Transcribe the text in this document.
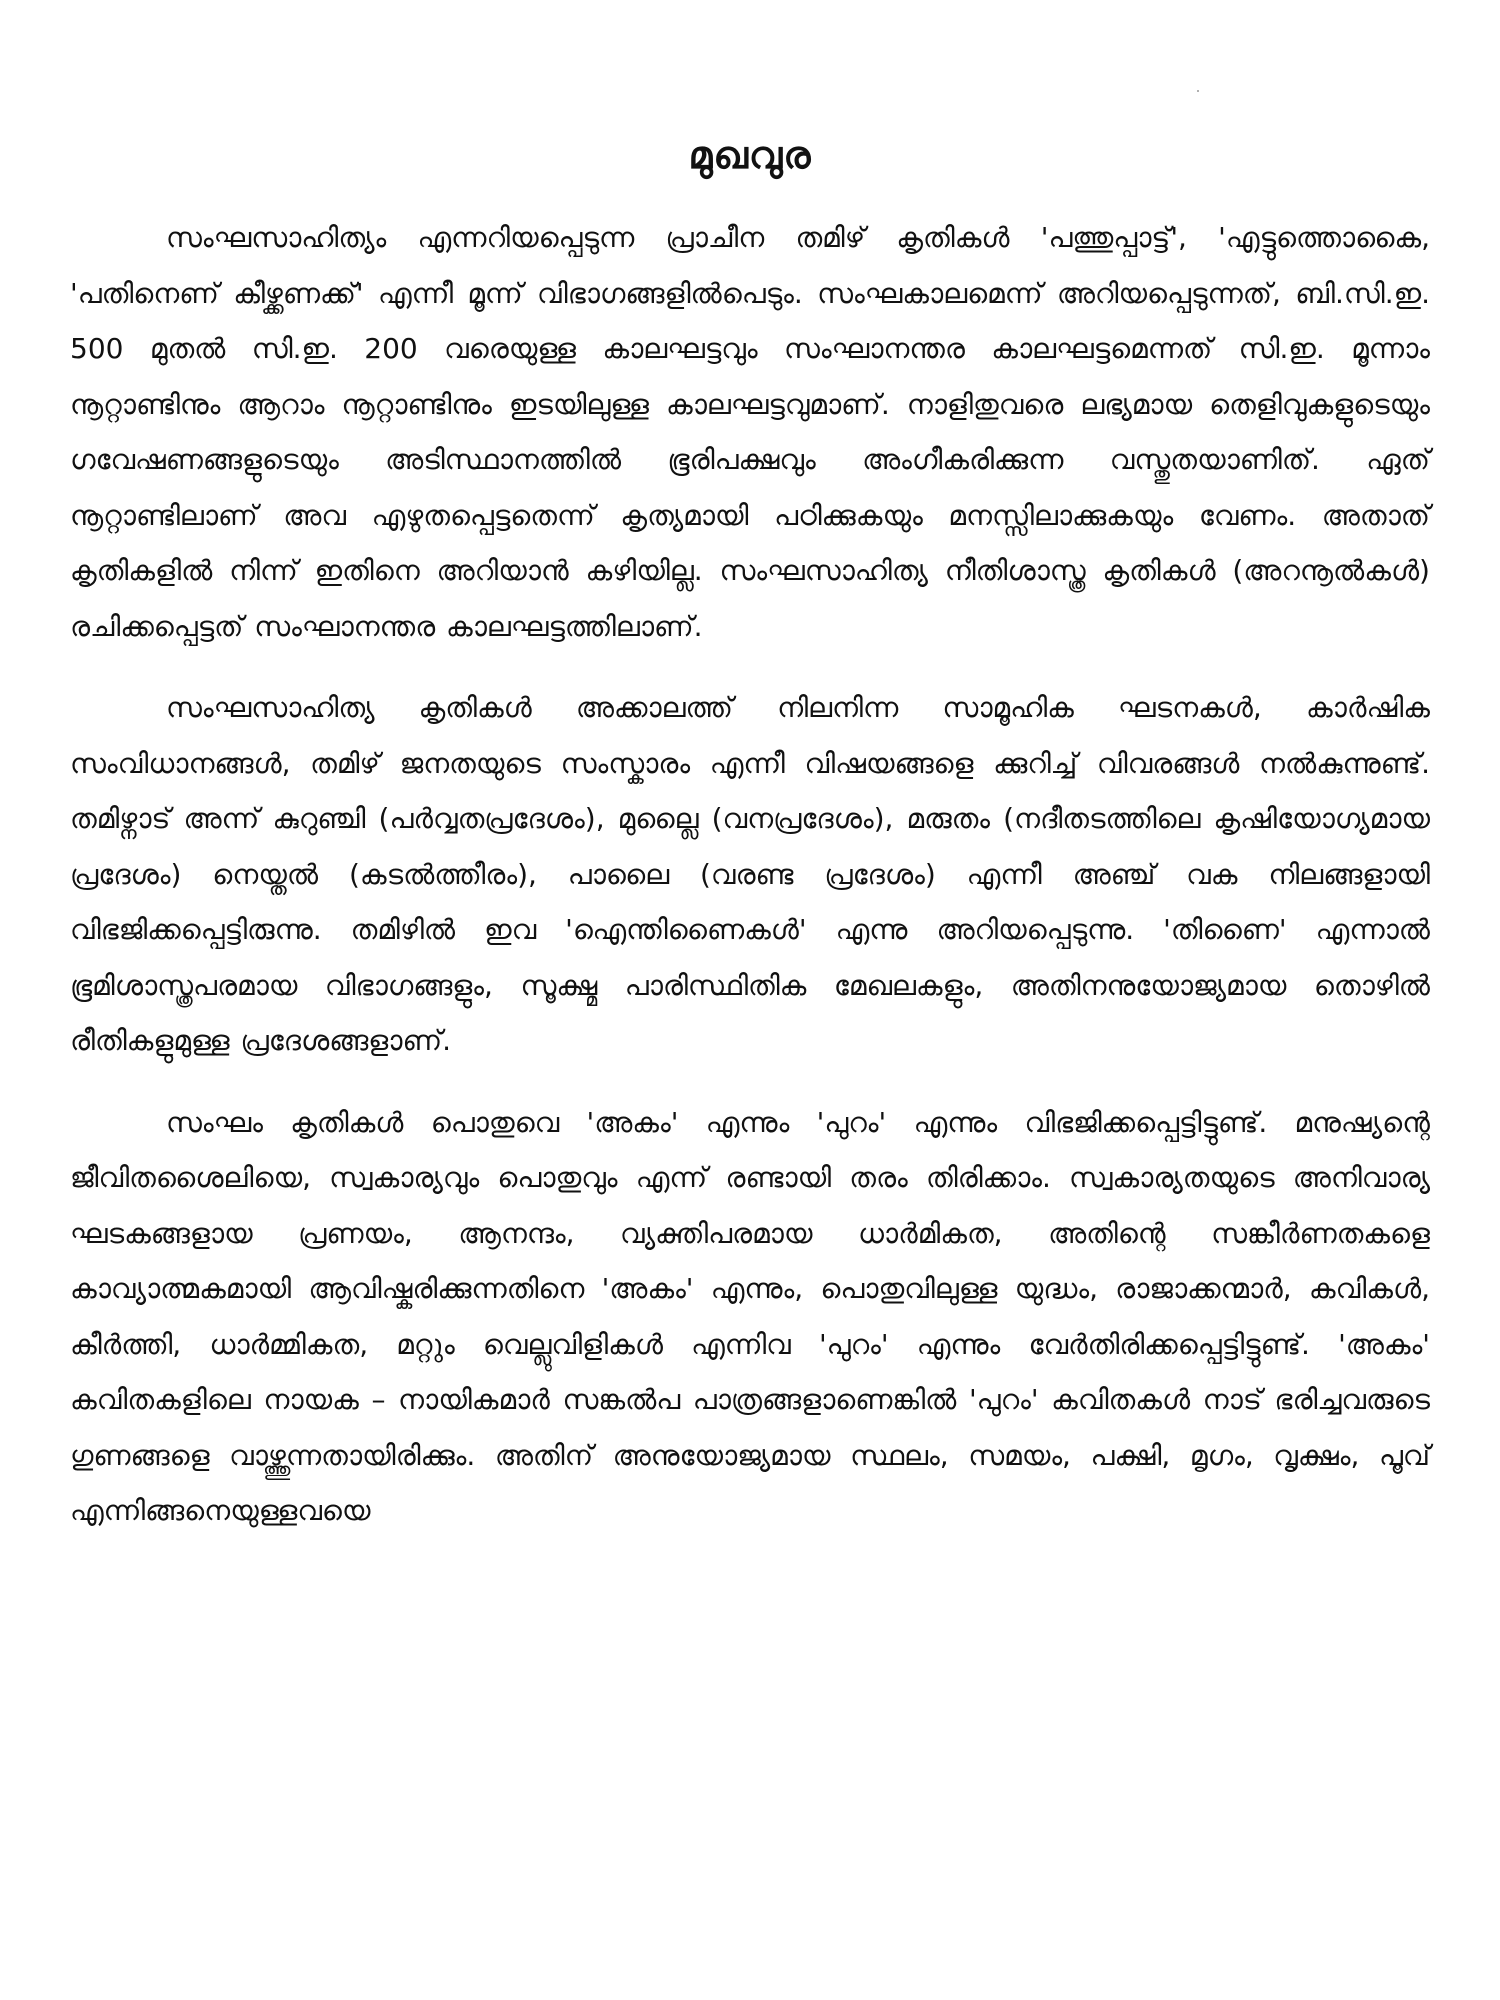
മുഖവുര

സംഘസാഹിത്യം എന്നറിയപ്പെടുന്ന പ്രാചീന തമിഴ് കൃതികൾ 'പത്തുപ്പാട്ട്', 'എട്ടുത്തൊകൈ, 'പതിനെണ് കീഴ്ക്കണക്ക്' എന്നീ മൂന്ന് വിഭാഗങ്ങളിൽപെടും. സംഘകാലമെന്ന് അറിയപ്പെടുന്നത്, ബി.സി.ഇ. 500 മുതൽ സി.ഇ. 200 വരെയുള്ള കാലഘട്ടവും സംഘാനന്തര കാലഘട്ടമെന്നത് സി.ഇ. മൂന്നാം നൂറ്റാണ്ടിനും ആറാം നൂറ്റാണ്ടിനും ഇടയിലുള്ള കാലഘട്ടവുമാണ്. നാളിതുവരെ ലഭ്യമായ തെളിവുകളുടെയും ഗവേഷണങ്ങളുടെയും അടിസ്ഥാനത്തിൽ ഭൂരിപക്ഷവും അംഗീകരിക്കുന്ന വസ്തുതയാണിത്. ഏത് നൂറ്റാണ്ടിലാണ് അവ എഴുതപ്പെട്ടതെന്ന് കൃത്യമായി പഠിക്കുകയും മനസ്സിലാക്കുകയും വേണം. അതാത് കൃതികളിൽ നിന്ന് ഇതിനെ അറിയാൻ കഴിയില്ല. സംഘസാഹിത്യ നീതിശാസ്ത്ര കൃതികൾ (അറനൂൽകൾ) രചിക്കപ്പെട്ടത് സംഘാനന്തര കാലഘട്ടത്തിലാണ്.

സംഘസാഹിത്യ കൃതികൾ അക്കാലത്ത് നിലനിന്ന സാമൂഹിക ഘടനകൾ, കാർഷിക സംവിധാനങ്ങൾ, തമിഴ് ജനതയുടെ സംസ്കാരം എന്നീ വിഷയങ്ങളെ ക്കുറിച്ച് വിവരങ്ങൾ നൽകുന്നുണ്ട്. തമിഴ്നാട് അന്ന് കുറുഞ്ചി (പർവ്വതപ്രദേശം), മുല്ലൈ (വനപ്രദേശം), മരുതം (നദീതടത്തിലെ കൃഷിയോഗ്യമായ പ്രദേശം) നെയ്തൽ (കടൽത്തീരം), പാലൈ (വരണ്ട പ്രദേശം) എന്നീ അഞ്ച് വക നിലങ്ങളായി വിഭജിക്കപ്പെട്ടിരുന്നു. തമിഴിൽ ഇവ 'ഐന്തിണൈകൾ' എന്നു അറിയപ്പെടുന്നു. 'തിണൈ' എന്നാൽ ഭൂമിശാസ്ത്രപരമായ വിഭാഗങ്ങളും, സൂക്ഷ്മ പാരിസ്ഥിതിക മേഖലകളും, അതിനനുയോജ്യമായ തൊഴിൽ രീതികളുമുള്ള പ്രദേശങ്ങളാണ്.

സംഘം കൃതികൾ പൊതുവെ 'അകം' എന്നും 'പുറം' എന്നും വിഭജിക്കപ്പെട്ടിട്ടുണ്ട്. മനുഷ്യന്റെ ജീവിതശൈലിയെ, സ്വകാര്യവും പൊതുവും എന്ന് രണ്ടായി തരം തിരിക്കാം. സ്വകാര്യതയുടെ അനിവാര്യ ഘടകങ്ങളായ പ്രണയം, ആനന്ദം, വ്യക്തിപരമായ ധാർമികത, അതിന്റെ സങ്കീർണതകളെ കാവ്യാത്മകമായി ആവിഷ്കരിക്കുന്നതിനെ 'അകം' എന്നും, പൊതുവിലുള്ള യുദ്ധം, രാജാക്കന്മാർ, കവികൾ, കീർത്തി, ധാർമ്മികത, മറ്റും വെല്ലുവിളികൾ എന്നിവ 'പുറം' എന്നും വേർതിരിക്കപ്പെട്ടിട്ടുണ്ട്. 'അകം' കവിതകളിലെ നായക – നായികമാർ സങ്കൽപ പാത്രങ്ങളാണെങ്കിൽ 'പുറം' കവിതകൾ നാട് ഭരിച്ചവരുടെ ഗുണങ്ങളെ വാഴ്ത്തുന്നതായിരിക്കും. അതിന് അനുയോജ്യമായ സ്ഥലം, സമയം, പക്ഷി, മൃഗം, വൃക്ഷം, പൂവ് എന്നിങ്ങനെയുള്ളവയെ
